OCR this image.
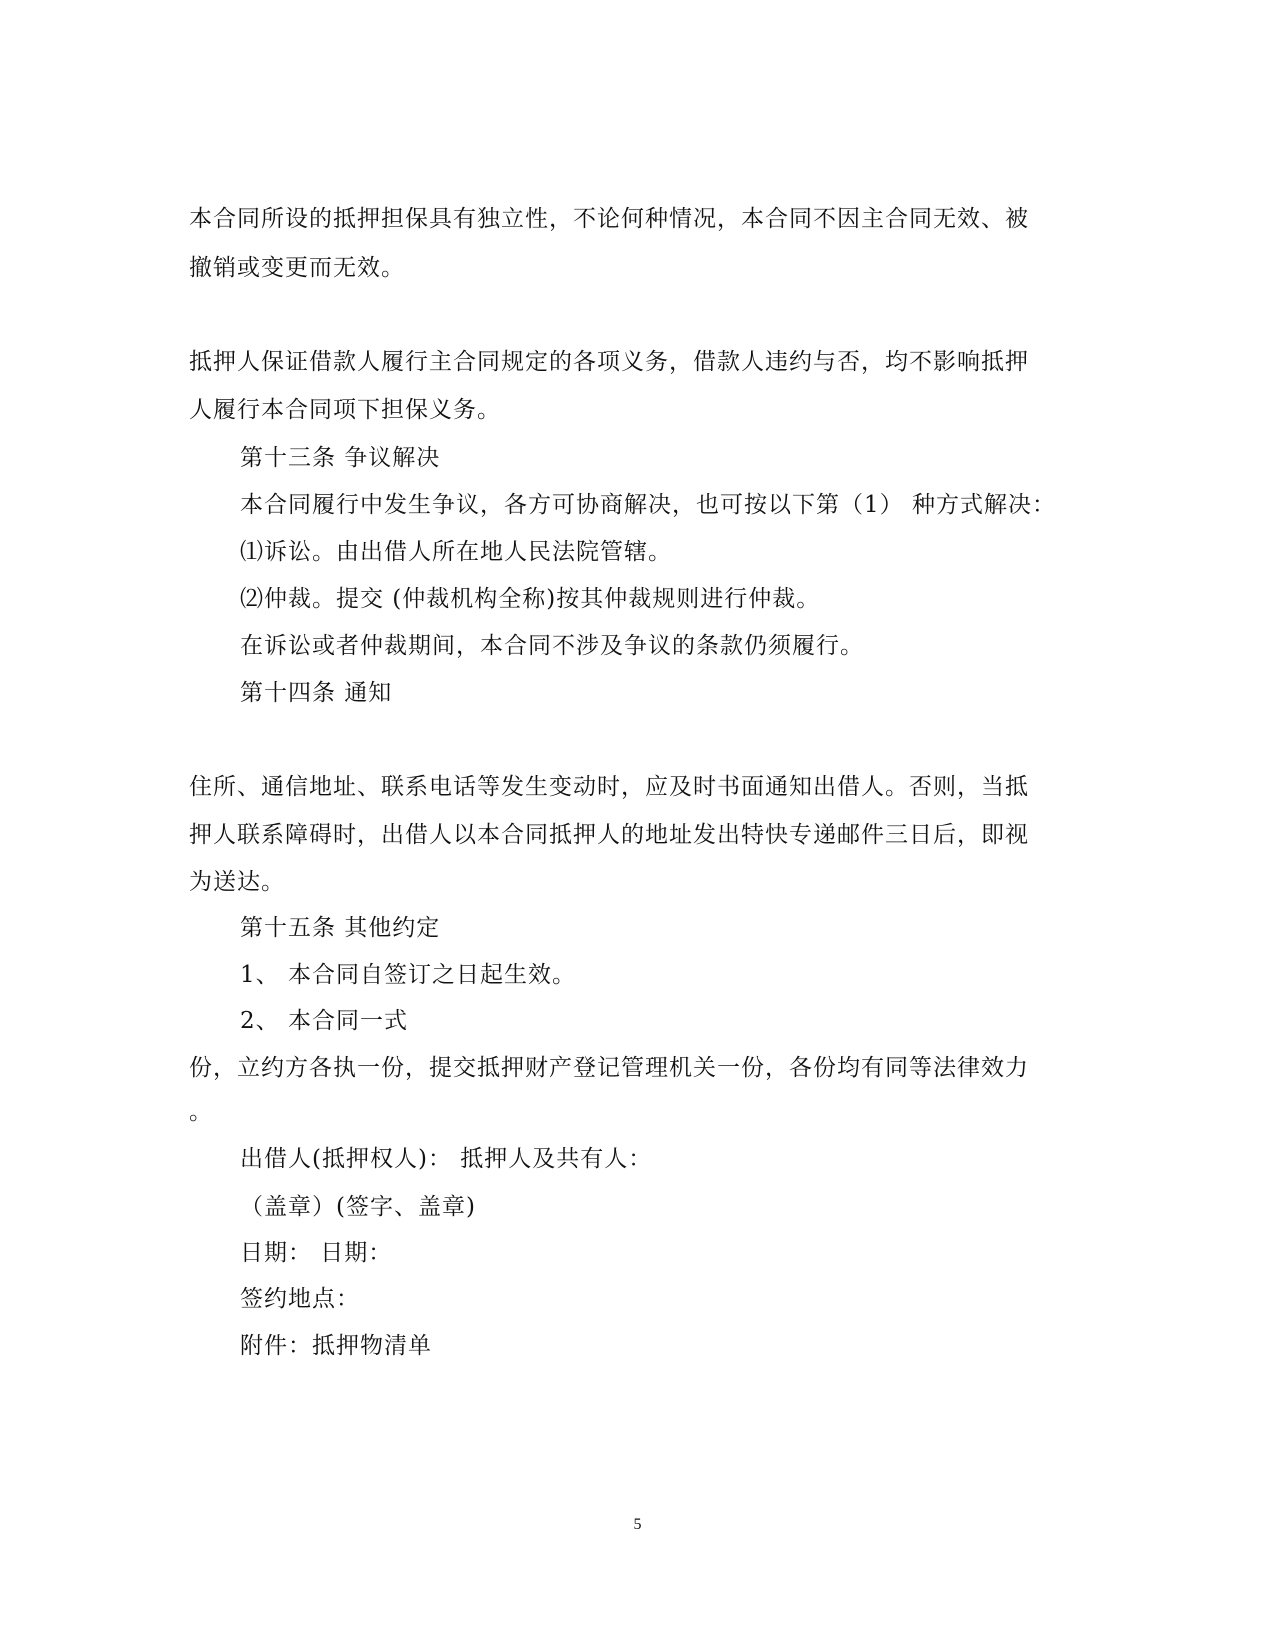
本合同所设的抵押担保具有独立性，不论何种情况，本合同不因主合同无效、被
撤销或变更而无效。
抵押人保证借款人履行主合同规定的各项义务，借款人违约与否，均不影响抵押
人履行本合同项下担保义务。
第十三条 争议解决
本合同履行中发生争议，各方可协商解决，也可按以下第（1） 种方式解决：
⑴诉讼。由出借人所在地人民法院管辖。
⑵仲裁。提交 (仲裁机构全称)按其仲裁规则进行仲裁。
在诉讼或者仲裁期间，本合同不涉及争议的条款仍须履行。
第十四条 通知
住所、通信地址、联系电话等发生变动时，应及时书面通知出借人。否则，当抵
押人联系障碍时，出借人以本合同抵押人的地址发出特快专递邮件三日后，即视
为送达。
第十五条 其他约定
1、 本合同自签订之日起生效。
2、 本合同一式
份，立约方各执一份，提交抵押财产登记管理机关一份，各份均有同等法律效力
。
出借人(抵押权人)： 抵押人及共有人：
（盖章）(签字、盖章)
日期： 日期：
签约地点：
附件：抵押物清单
5
